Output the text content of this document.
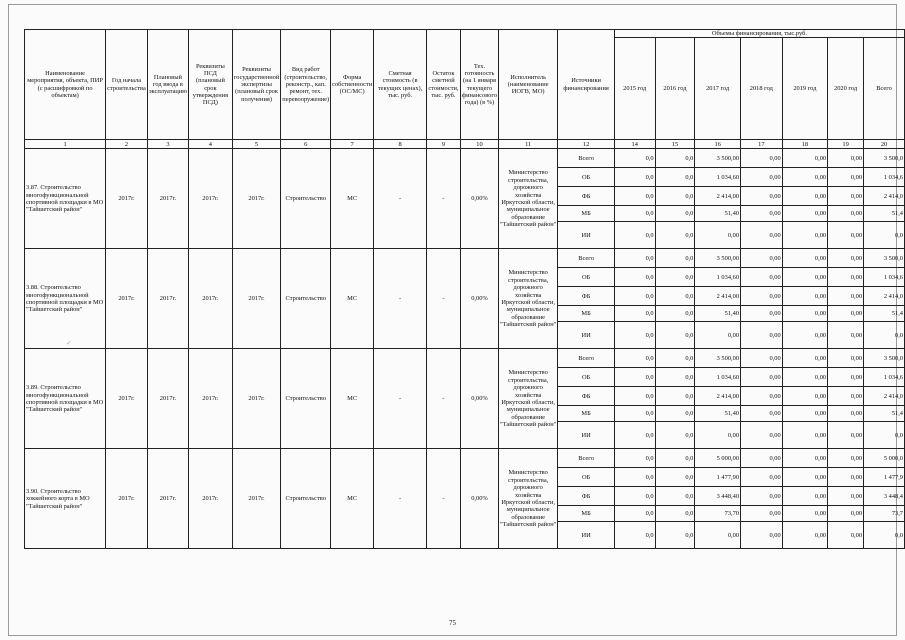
Наименование мероприятия, объекта, ПИР (с расшифровкой по объектам)	Год начала строительства	Плановый год ввода в эксплуатацию	Реквизиты ПСД (плановый срок утверждения ПСД)	Реквизиты государственной экспертизы (плановый срок получения)	Вид работ (строительство, реконстр., кап. ремонт, тех. перевооружение)	Форма собственности (ОС/МС)	Сметная стоимость (в текущих ценах), тыс. руб.	Остаток сметной стоимости, тыс. руб.	Тех. готовность (на 1 января текущего финансового года) (в %)	Исполнитель (наименование ИОГВ, МО)	Источники финансирования	Объемы финансирования, тыс.руб.						
												2015 год	2016 год	2017 год	2018 год	2019 год	2020 год	Всего
1	2	3	4	5	6	7	8	9	10	11	12	14	15	16	17	18	19	20
3.87. Строительство многофункциональной спортивной площадки в МО "Тайшетский район"	2017г.	2017г.	2017г.	2017г.	Строительство	МС	-	-	0,00%	Министерство строительства, дорожного хозяйства Иркутской области, муниципальное образование "Тайшетский район"	Всего	0,0	0,0	3 500,00	0,00	0,00	0,00	3 500,0
											ОБ	0,0	0,0	1 034,60	0,00	0,00	0,00	1 034,6
											ФБ	0,0	0,0	2 414,00	0,00	0,00	0,00	2 414,0
											МБ	0,0	0,0	51,40	0,00	0,00	0,00	51,4
											ИИ	0,0	0,0	0,00	0,00	0,00	0,00	0,0
3.88. Строительство многофункциональной спортивной площадки в МО "Тайшетский район"	2017г.	2017г.	2017г.	2017г.	Строительство	МС	-	-	0,00%	Министерство строительства, дорожного хозяйства Иркутской области, муниципальное образование "Тайшетский район"	Всего	0,0	0,0	3 500,00	0,00	0,00	0,00	3 500,0
											ОБ	0,0	0,0	1 034,60	0,00	0,00	0,00	1 034,6
											ФБ	0,0	0,0	2 414,00	0,00	0,00	0,00	2 414,0
											МБ	0,0	0,0	51,40	0,00	0,00	0,00	51,4
											ИИ	0,0	0,0	0,00	0,00	0,00	0,00	0,0
3.89. Строительство многофункциональной спортивной площадки в МО "Тайшетский район"	2017г.	2017г.	2017г.	2017г.	Строительство	МС	-	-	0,00%	Министерство строительства, дорожного хозяйства Иркутской области, муниципальное образование "Тайшетский район"	Всего	0,0	0,0	3 500,00	0,00	0,00	0,00	3 500,0
											ОБ	0,0	0,0	1 034,60	0,00	0,00	0,00	1 034,6
											ФБ	0,0	0,0	2 414,00	0,00	0,00	0,00	2 414,0
											МБ	0,0	0,0	51,40	0,00	0,00	0,00	51,4
											ИИ	0,0	0,0	0,00	0,00	0,00	0,00	0,0
3.90. Строительство хоккейного корта в МО "Тайшетский район"	2017г.	2017г.	2017г.	2017г.	Строительство	МС	-	-	0,00%	Министерство строительства, дорожного хозяйства Иркутской области, муниципальное образование "Тайшетский район"	Всего	0,0	0,0	5 000,00	0,00	0,00	0,00	5 000,0
											ОБ	0,0	0,0	1 477,90	0,00	0,00	0,00	1 477,9
											ФБ	0,0	0,0	3 448,40	0,00	0,00	0,00	3 448,4
											МБ	0,0	0,0	73,70	0,00	0,00	0,00	73,7
											ИИ	0,0	0,0	0,00	0,00	0,00	0,00	0,0
✓
75
